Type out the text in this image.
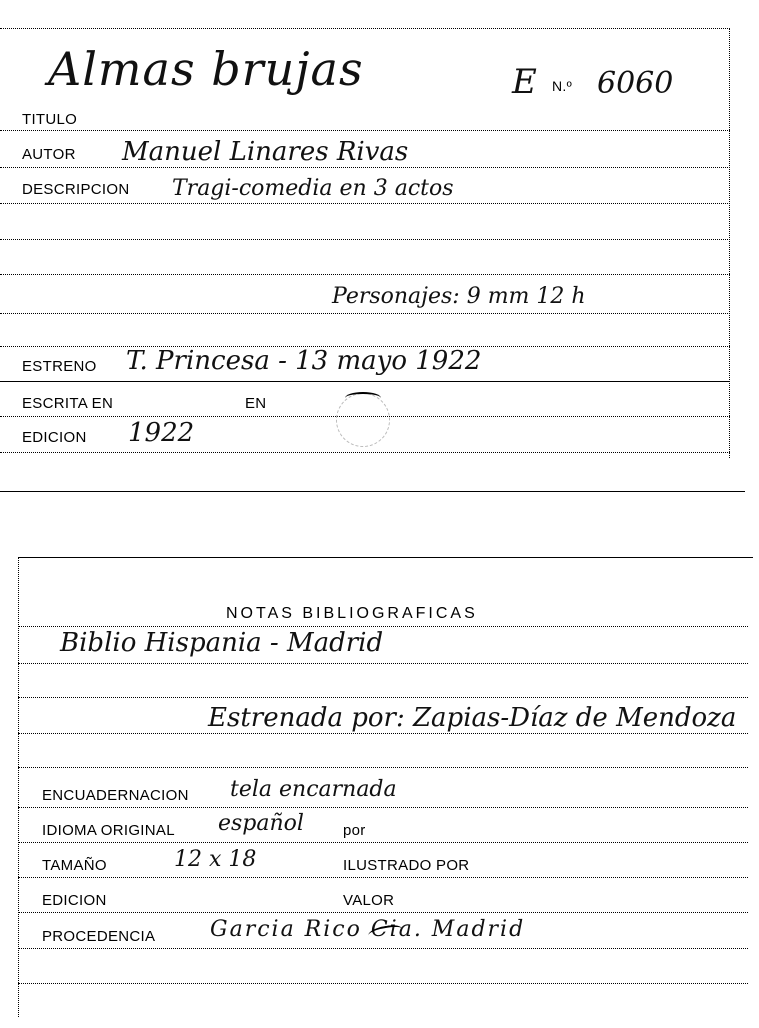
Almas brujas	E N.º 6060
TITULO
AUTOR Manuel Linares Rivas
DESCRIPCION Tragi-comedia en 3 actos
Personajes: 9 mm 12 h
ESTRENO T. Princesa - 13 mayo 1922
ESCRITA EN	EN
EDICION 1922
NOTAS BIBLIOGRAFICAS
Biblio Hispania - Madrid
Estrenada por: Zapias-Díaz de Mendoza
ENCUADERNACION tela encarnada
IDIOMA ORIGINAL español	por
TAMAÑO	12 x 18	ILUSTRADO POR
EDICION	VALOR
PROCEDENCIA Garcia Rico Cia. Madrid
